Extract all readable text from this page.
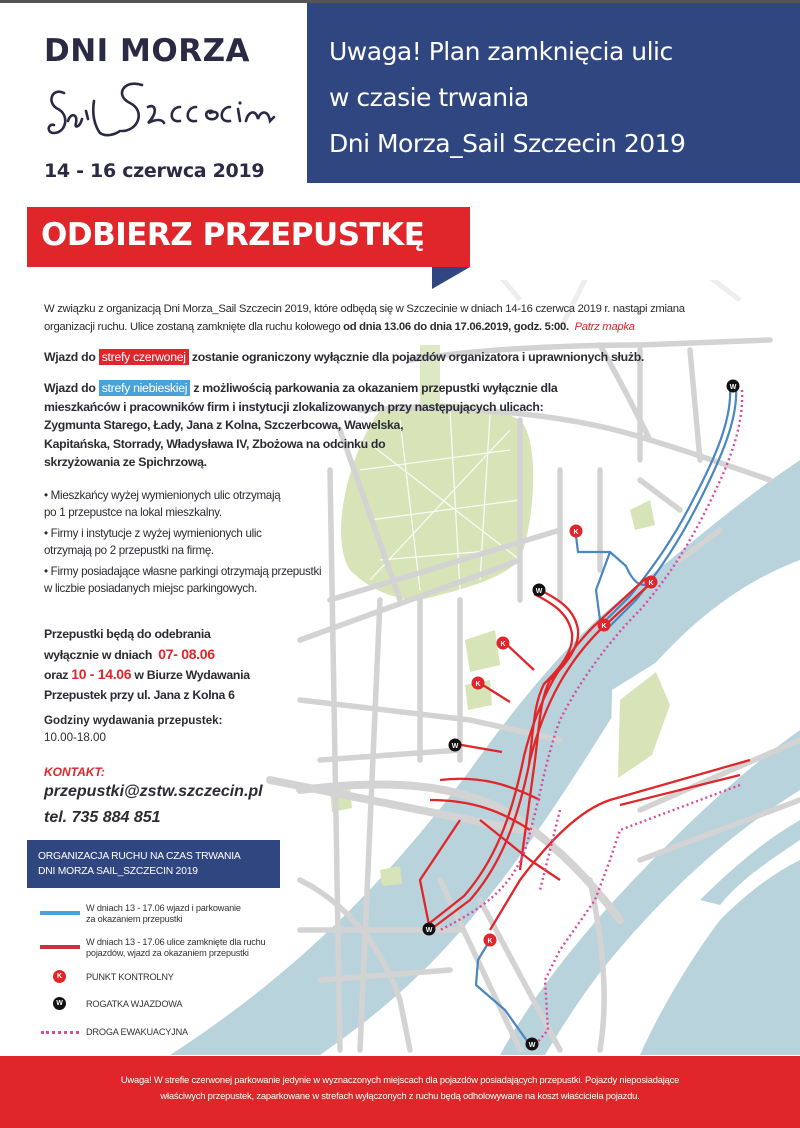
DNI MORZA
14 - 16 czerwca 2019
Uwaga! Plan zamknięcia ulic
w czasie trwania
Dni Morza_Sail Szczecin 2019
K
K
K
K
K
K
W
W
W
W
W
ODBIERZ PRZEPUSTKĘ
W związku z organizacją Dni Morza_Sail Szczecin 2019, które odbędą się w Szczecinie w dniach 14-16 czerwca 2019 r. nastąpi zmiana
organizacji ruchu. Ulice zostaną zamknięte dla ruchu kołowego od dnia 13.06 do dnia 17.06.2019, godz. 5:00. Patrz mapka
Wjazd do strefy czerwonej zostanie ograniczony wyłącznie dla pojazdów organizatora i uprawnionych służb.
Wjazd do strefy niebieskiej z możliwością parkowania za okazaniem przepustki wyłącznie dla
mieszkańców i pracowników firm i instytucji zlokalizowanych przy następujących ulicach:
Zygmunta Starego, Łady, Jana z Kolna, Szczerbcowa, Wawelska,
Kapitańska, Storrady, Władysława IV, Zbożowa na odcinku do
skrzyżowania ze Spichrzową.
• Mieszkańcy wyżej wymienionych ulic otrzymają
po 1 przepustce na lokal mieszkalny.
• Firmy i instytucje z wyżej wymienionych ulic
otrzymają po 2 przepustki na firmę.
• Firmy posiadające własne parkingi otrzymają przepustki
w liczbie posiadanych miejsc parkingowych.
Przepustki będą do odebrania
wyłącznie w dniach 07- 08.06
oraz 10 - 14.06 w Biurze Wydawania
Przepustek przy ul. Jana z Kolna 6
Godziny wydawania przepustek:
10.00-18.00
KONTAKT:
przepustki@zstw.szczecin.pl
tel. 735 884 851
ORGANIZACJA RUCHU NA CZAS TRWANIA
DNI MORZA SAIL_SZCZECIN 2019
W dniach 13 - 17.06 wjazd i parkowanie
za okazaniem przepustki
W dniach 13 - 17.06 ulice zamknięte dla ruchu
pojazdów, wjazd za okazaniem przepustki
K	PUNKT KONTROLNY
W	ROGATKA WJAZDOWA
DROGA EWAKUACYJNA
Uwaga! W strefie czerwonej parkowanie jedynie w wyznaczonych miejscach dla pojazdów posiadających przepustki. Pojazdy nieposiadające
właściwych przepustek, zaparkowane w strefach wyłączonych z ruchu będą odholowywane na koszt właściciela pojazdu.
